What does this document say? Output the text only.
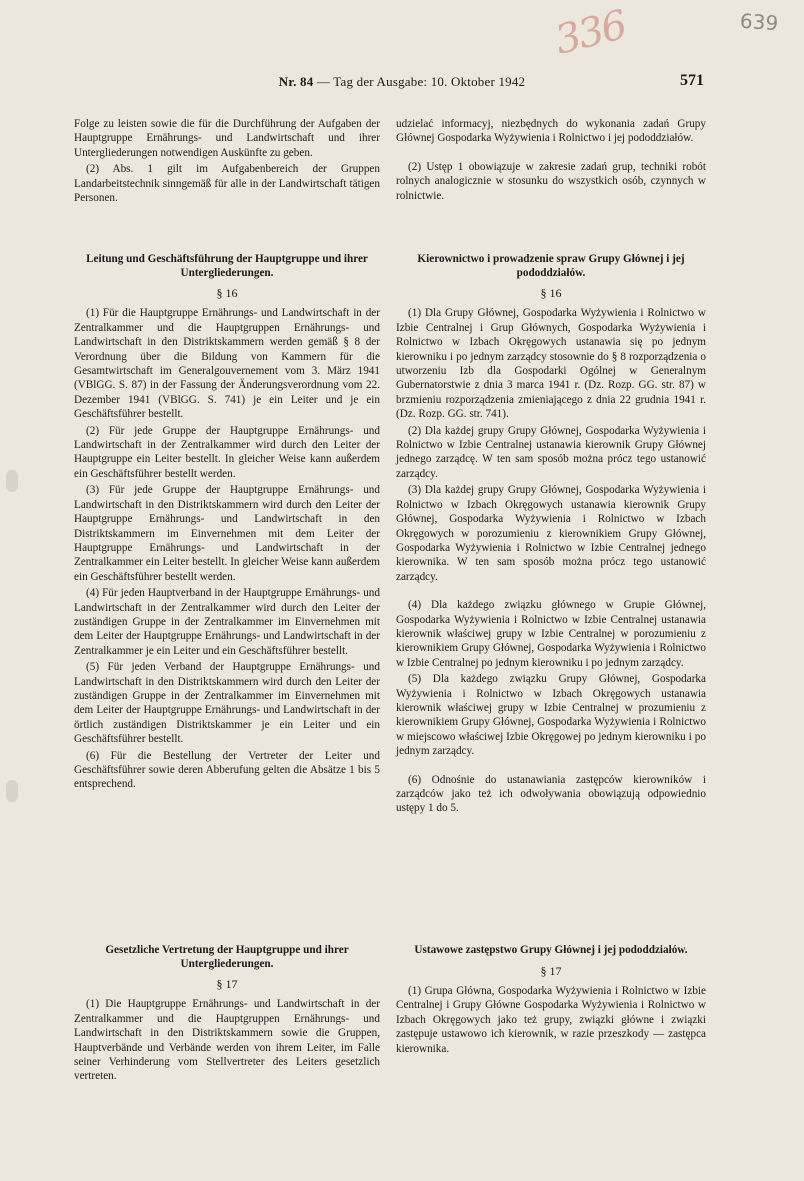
336	639
Nr. 84 — Tag der Ausgabe: 10. Oktober 1942	571

Folge zu leisten sowie die für die Durchführung der Aufgaben der Hauptgruppe Ernährungs- und Landwirtschaft und ihrer Untergliederungen notwendigen Auskünfte zu geben.

(2) Abs. 1 gilt im Aufgabenbereich der Gruppen Landarbeitstechnik sinngemäß für alle in der Landwirtschaft tätigen Personen.

Leitung und Geschäftsführung der Hauptgruppe und ihrer Untergliederungen.
§ 16

(1) Für die Hauptgruppe Ernährungs- und Landwirtschaft in der Zentralkammer und die Hauptgruppen Ernährungs- und Landwirtschaft in den Distriktskammern werden gemäß § 8 der Verordnung über die Bildung von Kammern für die Gesamtwirtschaft im Generalgouvernement vom 3. März 1941 (VBlGG. S. 87) in der Fassung der Änderungsverordnung vom 22. Dezember 1941 (VBlGG. S. 741) je ein Leiter und je ein Geschäftsführer bestellt.

(2) Für jede Gruppe der Hauptgruppe Ernährungs- und Landwirtschaft in der Zentralkammer wird durch den Leiter der Hauptgruppe ein Leiter bestellt. In gleicher Weise kann außerdem ein Geschäftsführer bestellt werden.

(3) Für jede Gruppe der Hauptgruppe Ernährungs- und Landwirtschaft in den Distriktskammern wird durch den Leiter der Hauptgruppe Ernährungs- und Landwirtschaft in den Distriktskammern im Einvernehmen mit dem Leiter der Hauptgruppe Ernährungs- und Landwirtschaft in der Zentralkammer ein Leiter bestellt. In gleicher Weise kann außerdem ein Geschäftsführer bestellt werden.

(4) Für jeden Hauptverband in der Hauptgruppe Ernährungs- und Landwirtschaft in der Zentralkammer wird durch den Leiter der zuständigen Gruppe in der Zentralkammer im Einvernehmen mit dem Leiter der Hauptgruppe Ernährungs- und Landwirtschaft in der Zentralkammer je ein Leiter und ein Geschäftsführer bestellt.

(5) Für jeden Verband der Hauptgruppe Ernährungs- und Landwirtschaft in den Distriktskammern wird durch den Leiter der zuständigen Gruppe in der Zentralkammer im Einvernehmen mit dem Leiter der Hauptgruppe Ernährungs- und Landwirtschaft in der örtlich zuständigen Distriktskammer je ein Leiter und ein Geschäftsführer bestellt.

(6) Für die Bestellung der Vertreter der Leiter und Geschäftsführer sowie deren Abberufung gelten die Absätze 1 bis 5 entsprechend.

Gesetzliche Vertretung der Hauptgruppe und ihrer Untergliederungen.
§ 17

(1) Die Hauptgruppe Ernährungs- und Landwirtschaft in der Zentralkammer und die Hauptgruppen Ernährungs- und Landwirtschaft in den Distriktskammern sowie die Gruppen, Hauptverbände und Verbände werden von ihrem Leiter, im Falle seiner Verhinderung vom Stellvertreter des Leiters gesetzlich vertreten.

udzielać informacyj, niezbędnych do wykonania zadań Grupy Głównej Gospodarka Wyżywienia i Rolnictwo i jej pododdziałów.

(2) Ustęp 1 obowiązuje w zakresie zadań grup, techniki robót rolnych analogicznie w stosunku do wszystkich osób, czynnych w rolnictwie.

Kierownictwo i prowadzenie spraw Grupy Głównej i jej pododdziałów.
§ 16

(1) Dla Grupy Głównej, Gospodarka Wyżywienia i Rolnictwo w Izbie Centralnej i Grup Głównych, Gospodarka Wyżywienia i Rolnictwo w Izbach Okręgowych ustanawia się po jednym kierowniku i po jednym zarządcy stosownie do § 8 rozporządzenia o utworzeniu Izb dla Gospodarki Ogólnej w Generalnym Gubernatorstwie z dnia 3 marca 1941 r. (Dz. Rozp. GG. str. 87) w brzmieniu rozporządzenia zmieniającego z dnia 22 grudnia 1941 r. (Dz. Rozp. GG. str. 741).

(2) Dla każdej grupy Grupy Głównej, Gospodarka Wyżywienia i Rolnictwo w Izbie Centralnej ustanawia kierownik Grupy Głównej jednego zarządcę. W ten sam sposób można prócz tego ustanowić zarządcy.

(3) Dla każdej grupy Grupy Głównej, Gospodarka Wyżywienia i Rolnictwo w Izbach Okręgowych ustanawia kierownik Grupy Głównej, Gospodarka Wyżywienia i Rolnictwo w Izbach Okręgowych w porozumieniu z kierownikiem Grupy Głównej, Gospodarka Wyżywienia i Rolnictwo w Izbie Centralnej jednego kierownika. W ten sam sposób można prócz tego ustanowić zarządcy.

(4) Dla każdego związku głównego w Grupie Głównej, Gospodarka Wyżywienia i Rolnictwo w Izbie Centralnej ustanawia kierownik właściwej grupy w Izbie Centralnej w porozumieniu z kierownikiem Grupy Głównej, Gospodarka Wyżywienia i Rolnictwo w Izbie Centralnej po jednym kierowniku i po jednym zarządcy.

(5) Dla każdego związku Grupy Głównej, Gospodarka Wyżywienia i Rolnictwo w Izbach Okręgowych ustanawia kierownik właściwej grupy w Izbie Centralnej w prozumieniu z kierownikiem Grupy Głównej, Gospodarka Wyżywienia i Rolnictwo w miejscowo właściwej Izbie Okręgowej po jednym kierowniku i po jednym zarządcy.

(6) Odnośnie do ustanawiania zastępców kierowników i zarządców jako też ich odwoływania obowiązują odpowiednio ustępy 1 do 5.

Ustawowe zastępstwo Grupy Głównej i jej pododdziałów.
§ 17

(1) Grupa Główna, Gospodarka Wyżywienia i Rolnictwo w Izbie Centralnej i Grupy Główne Gospodarka Wyżywienia i Rolnictwo w Izbach Okręgowych jako też grupy, związki główne i związki zastępuje ustawowo ich kierownik, w razie przeszkody — zastępca kierownika.
